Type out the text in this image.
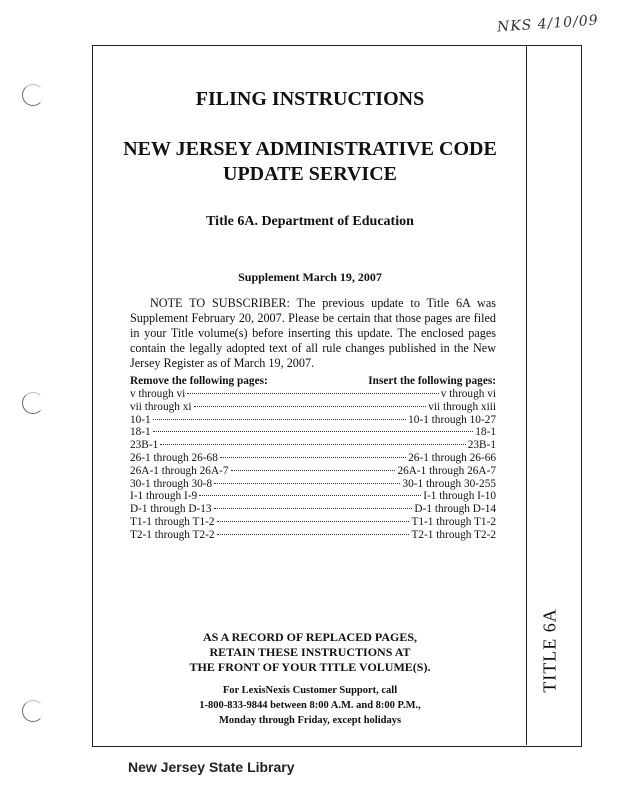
NKS 4/10/09
TITLE 6A
FILING INSTRUCTIONS
NEW JERSEY ADMINISTRATIVE CODE
UPDATE SERVICE
Title 6A. Department of Education
Supplement March 19, 2007
NOTE TO SUBSCRIBER: The previous update to Title 6A was Supplement February 20, 2007. Please be certain that those pages are filed in your Title volume(s) before inserting this update. The enclosed pages contain the legally adopted text of all rule changes published in the New Jersey Register as of March 19, 2007.
Remove the following pages:	Insert the following pages:
v through vi	v through vi
vii through xi	vii through xiii
10-1	10-1 through 10-27
18-1	18-1
23B-1	23B-1
26-1 through 26-68	26-1 through 26-66
26A-1 through 26A-7	26A-1 through 26A-7
30-1 through 30-8	30-1 through 30-255
I-1 through I-9	I-1 through I-10
D-1 through D-13	D-1 through D-14
T1-1 through T1-2	T1-1 through T1-2
T2-1 through T2-2	T2-1 through T2-2
AS A RECORD OF REPLACED PAGES,
RETAIN THESE INSTRUCTIONS AT
THE FRONT OF YOUR TITLE VOLUME(S).
For LexisNexis Customer Support, call
1-800-833-9844 between 8:00 A.M. and 8:00 P.M.,
Monday through Friday, except holidays
New Jersey State Library
